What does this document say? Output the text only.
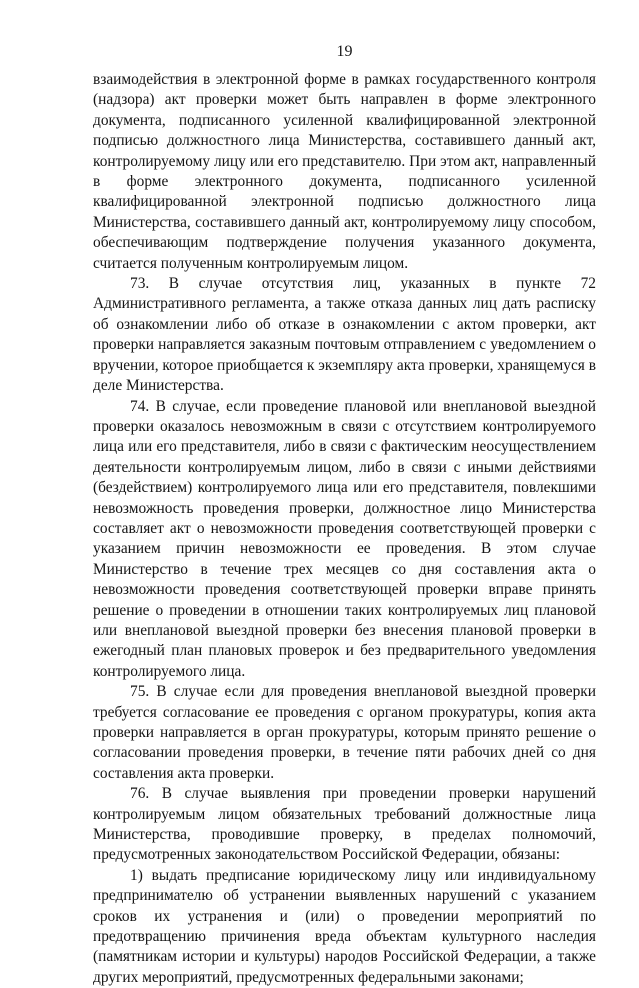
19

взаимодействия в электронной форме в рамках государственного контроля (надзора) акт проверки может быть направлен в форме электронного документа, подписанного усиленной квалифицированной электронной подписью должностного лица Министерства, составившего данный акт, контролируемому лицу или его представителю. При этом акт, направленный в форме электронного документа, подписанного усиленной квалифицированной электронной подписью должностного лица Министерства, составившего данный акт, контролируемому лицу способом, обеспечивающим подтверждение получения указанного документа, считается полученным контролируемым лицом.

73. В случае отсутствия лиц, указанных в пункте 72 Административного регламента, а также отказа данных лиц дать расписку об ознакомлении либо об отказе в ознакомлении с актом проверки, акт проверки направляется заказным почтовым отправлением с уведомлением о вручении, которое приобщается к экземпляру акта проверки, хранящемуся в деле Министерства.

74. В случае, если проведение плановой или внеплановой выездной проверки оказалось невозможным в связи с отсутствием контролируемого лица или его представителя, либо в связи с фактическим неосуществлением деятельности контролируемым лицом, либо в связи с иными действиями (бездействием) контролируемого лица или его представителя, повлекшими невозможность проведения проверки, должностное лицо Министерства составляет акт о невозможности проведения соответствующей проверки с указанием причин невозможности ее проведения. В этом случае Министерство в течение трех месяцев со дня составления акта о невозможности проведения соответствующей проверки вправе принять решение о проведении в отношении таких контролируемых лиц плановой или внеплановой выездной проверки без внесения плановой проверки в ежегодный план плановых проверок и без предварительного уведомления контролируемого лица.

75. В случае если для проведения внеплановой выездной проверки требуется согласование ее проведения с органом прокуратуры, копия акта проверки направляется в орган прокуратуры, которым принято решение о согласовании проведения проверки, в течение пяти рабочих дней со дня составления акта проверки.

76. В случае выявления при проведении проверки нарушений контролируемым лицом обязательных требований должностные лица Министерства, проводившие проверку, в пределах полномочий, предусмотренных законодательством Российской Федерации, обязаны:

1) выдать предписание юридическому лицу или индивидуальному предпринимателю об устранении выявленных нарушений с указанием сроков их устранения и (или) о проведении мероприятий по предотвращению причинения вреда объектам культурного наследия (памятникам истории и культуры) народов Российской Федерации, а также других мероприятий, предусмотренных федеральными законами;
